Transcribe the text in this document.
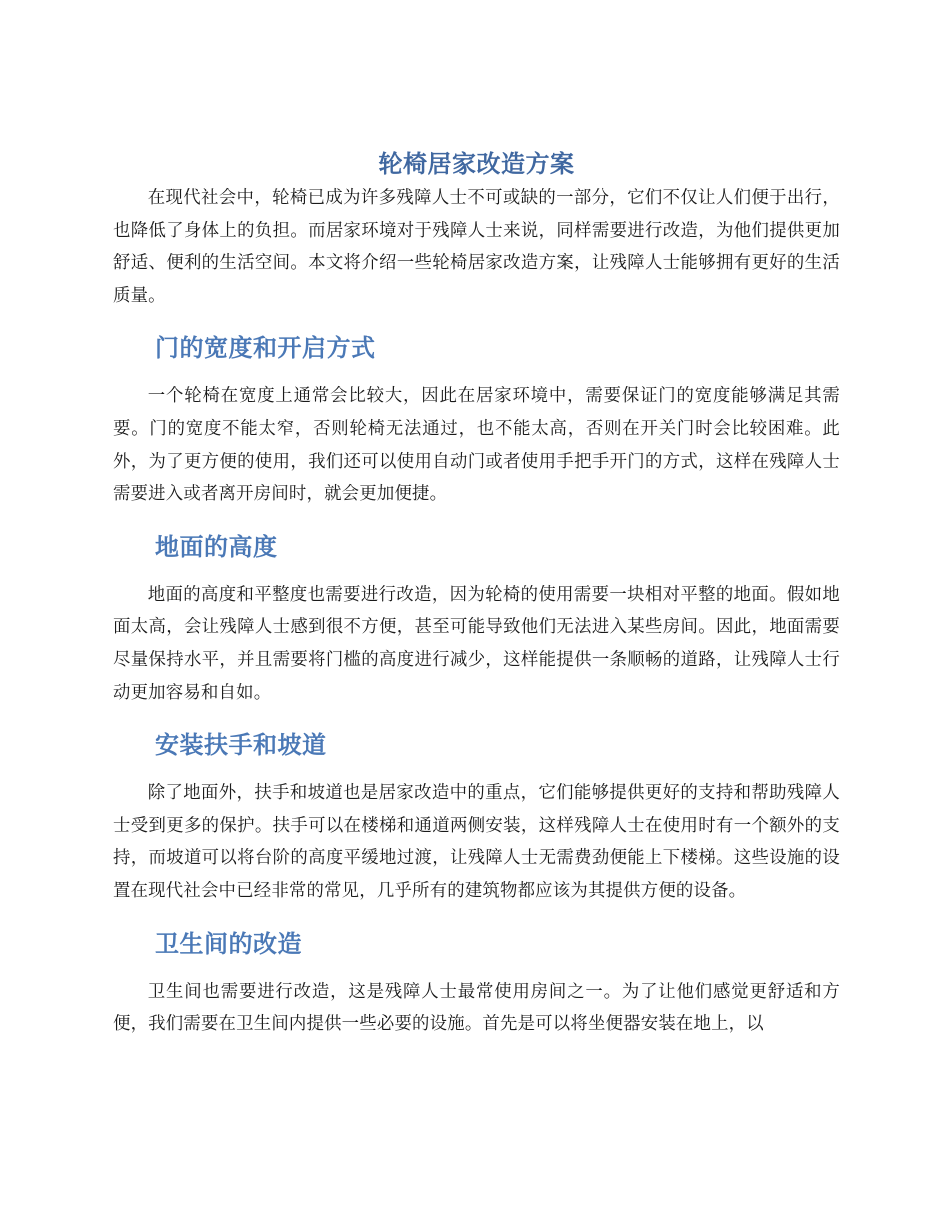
轮椅居家改造方案

在现代社会中，轮椅已成为许多残障人士不可或缺的一部分，它们不仅让人们便于出行，也降低了身体上的负担。而居家环境对于残障人士来说，同样需要进行改造，为他们提供更加舒适、便利的生活空间。本文将介绍一些轮椅居家改造方案，让残障人士能够拥有更好的生活质量。

门的宽度和开启方式

一个轮椅在宽度上通常会比较大，因此在居家环境中，需要保证门的宽度能够满足其需要。门的宽度不能太窄，否则轮椅无法通过，也不能太高，否则在开关门时会比较困难。此外，为了更方便的使用，我们还可以使用自动门或者使用手把手开门的方式，这样在残障人士需要进入或者离开房间时，就会更加便捷。

地面的高度

地面的高度和平整度也需要进行改造，因为轮椅的使用需要一块相对平整的地面。假如地面太高，会让残障人士感到很不方便，甚至可能导致他们无法进入某些房间。因此，地面需要尽量保持水平，并且需要将门槛的高度进行减少，这样能提供一条顺畅的道路，让残障人士行动更加容易和自如。

安装扶手和坡道

除了地面外，扶手和坡道也是居家改造中的重点，它们能够提供更好的支持和帮助残障人士受到更多的保护。扶手可以在楼梯和通道两侧安装，这样残障人士在使用时有一个额外的支持，而坡道可以将台阶的高度平缓地过渡，让残障人士无需费劲便能上下楼梯。这些设施的设置在现代社会中已经非常的常见，几乎所有的建筑物都应该为其提供方便的设备。

卫生间的改造

卫生间也需要进行改造，这是残障人士最常使用房间之一。为了让他们感觉更舒适和方便，我们需要在卫生间内提供一些必要的设施。首先是可以将坐便器安装在地上，以
